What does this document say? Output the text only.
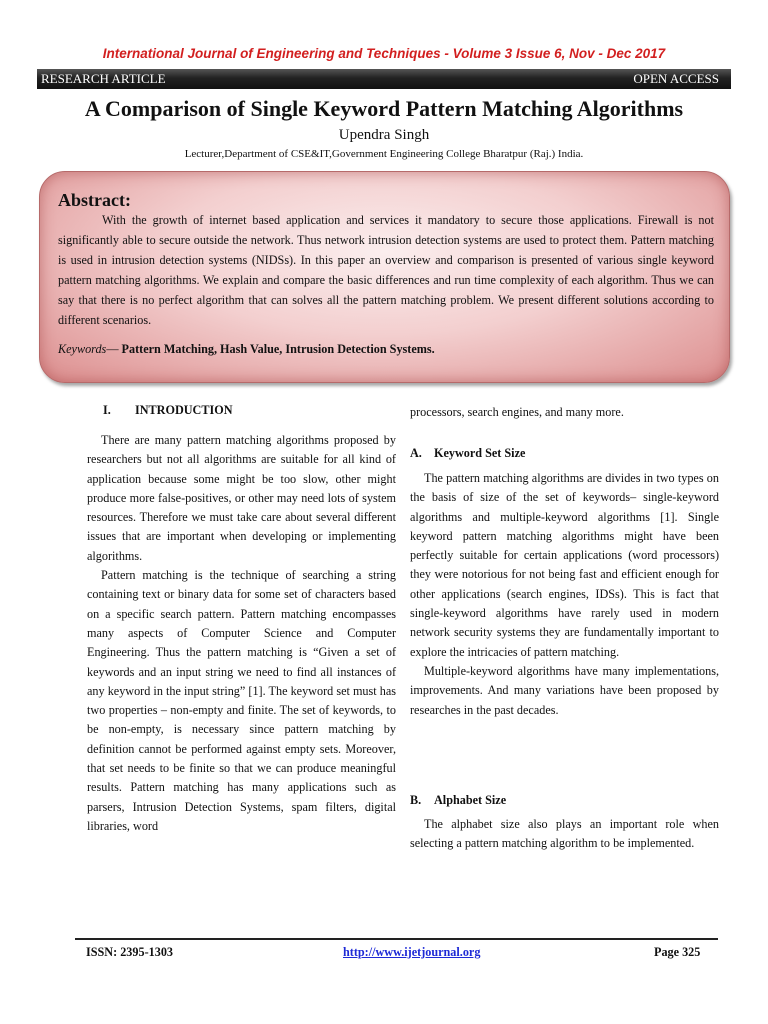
International Journal of Engineering and Techniques - Volume 3 Issue 6, Nov - Dec 2017
RESEARCH ARTICLE	OPEN ACCESS
A Comparison of Single Keyword Pattern Matching Algorithms
Upendra Singh
Lecturer,Department of CSE&IT,Government Engineering College Bharatpur (Raj.) India.
Abstract:
With the growth of internet based application and services it mandatory to secure those applications. Firewall is not significantly able to secure outside the network. Thus network intrusion detection systems are used to protect them. Pattern matching is used in intrusion detection systems (NIDSs). In this paper an overview and comparison is presented of various single keyword pattern matching algorithms. We explain and compare the basic differences and run time complexity of each algorithm. Thus we can say that there is no perfect algorithm that can solves all the pattern matching problem. We present different solutions according to different scenarios.
Keywords— Pattern Matching, Hash Value, Intrusion Detection Systems.
I. INTRODUCTION

There are many pattern matching algorithms proposed by researchers but not all algorithms are suitable for all kind of application because some might be too slow, other might produce more false-positives, or other may need lots of system resources. Therefore we must take care about several different issues that are important when developing or implementing algorithms.

Pattern matching is the technique of searching a string containing text or binary data for some set of characters based on a specific search pattern. Pattern matching encompasses many aspects of Computer Science and Computer Engineering. Thus the pattern matching is “Given a set of keywords and an input string we need to find all instances of any keyword in the input string” [1]. The keyword set must has two properties – non-empty and finite. The set of keywords, to be non-empty, is necessary since pattern matching by definition cannot be performed against empty sets. Moreover, that set needs to be finite so that we can produce meaningful results. Pattern matching has many applications such as parsers, Intrusion Detection Systems, spam filters, digital libraries, word

processors, search engines, and many more.

A. Keyword Set Size

The pattern matching algorithms are divides in two types on the basis of size of the set of keywords– single-keyword algorithms and multiple-keyword algorithms [1]. Single keyword pattern matching algorithms might have been perfectly suitable for certain applications (word processors) they were notorious for not being fast and efficient enough for other applications (search engines, IDSs). This is fact that single-keyword algorithms have rarely used in modern network security systems they are fundamentally important to explore the intricacies of pattern matching.

Multiple-keyword algorithms have many implementations, improvements. And many variations have been proposed by researches in the past decades.

B. Alphabet Size

The alphabet size also plays an important role when selecting a pattern matching algorithm to be implemented.

ISSN: 2395-1303	http://www.ijetjournal.org	Page 325
